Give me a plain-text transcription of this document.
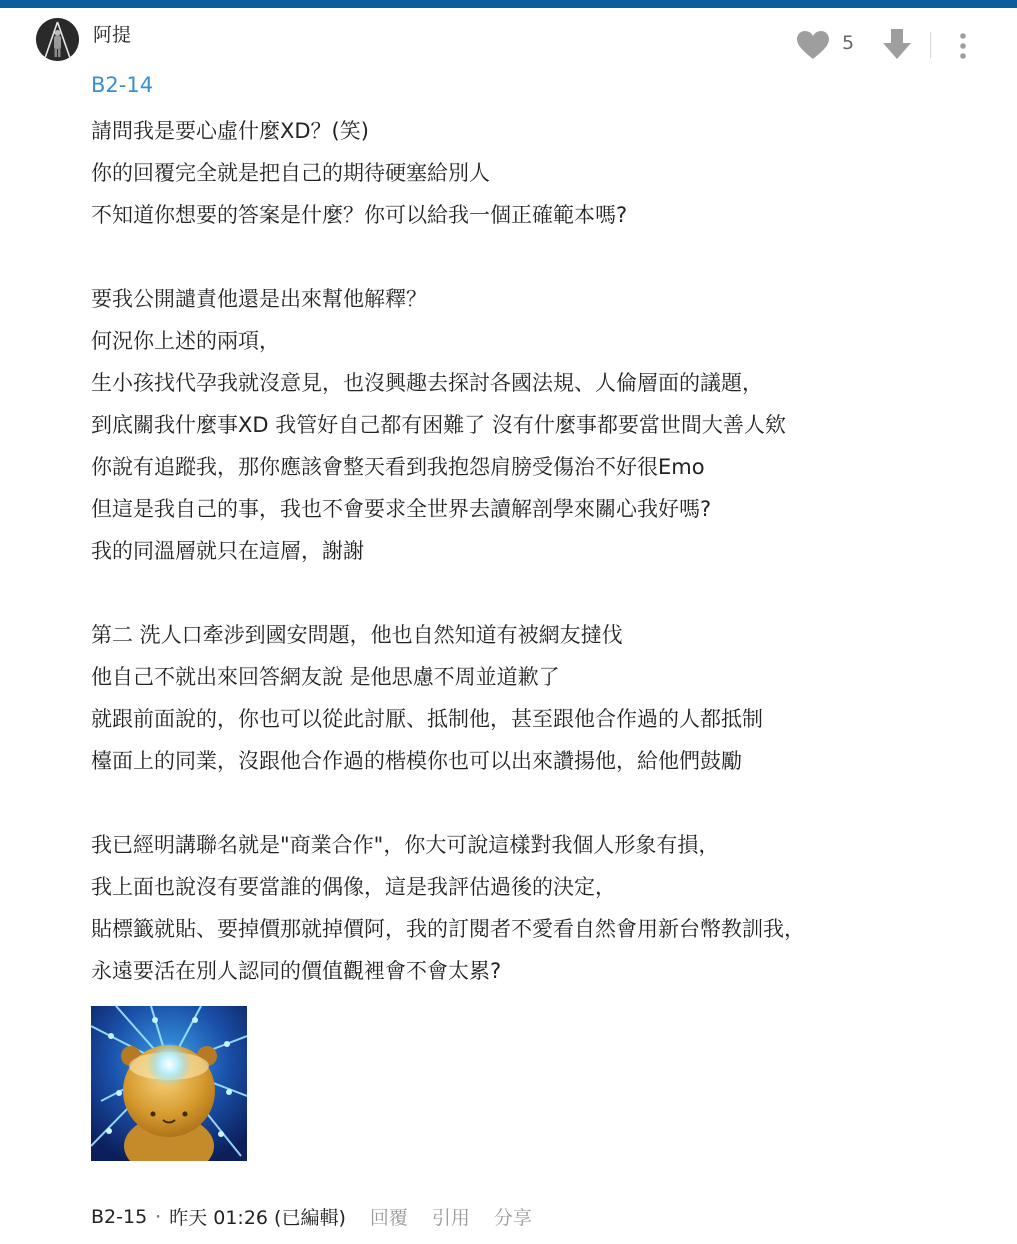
阿提	5
B2-14
請問我是要心虛什麼XD？(笑)
你的回覆完全就是把自己的期待硬塞給別人
不知道你想要的答案是什麼？你可以給我一個正確範本嗎?
要我公開譴責他還是出來幫他解釋？
何況你上述的兩項，
生小孩找代孕我就沒意見，也沒興趣去探討各國法規、人倫層面的議題，
到底關我什麼事XD 我管好自己都有困難了 沒有什麼事都要當世間大善人欸
你說有追蹤我，那你應該會整天看到我抱怨肩膀受傷治不好很Emo
但這是我自己的事，我也不會要求全世界去讀解剖學來關心我好嗎?
我的同溫層就只在這層，謝謝
第二 洗人口牽涉到國安問題，他也自然知道有被網友撻伐
他自己不就出來回答網友說 是他思慮不周並道歉了
就跟前面說的，你也可以從此討厭、抵制他，甚至跟他合作過的人都抵制
檯面上的同業，沒跟他合作過的楷模你也可以出來讚揚他，給他們鼓勵
我已經明講聯名就是"商業合作"，你大可說這樣對我個人形象有損，
我上面也說沒有要當誰的偶像，這是我評估過後的決定，
貼標籤就貼、要掉價那就掉價阿，我的訂閱者不愛看自然會用新台幣教訓我，
永遠要活在別人認同的價值觀裡會不會太累?
B2-15 · 昨天 01:26 (已編輯) 回覆 引用 分享
